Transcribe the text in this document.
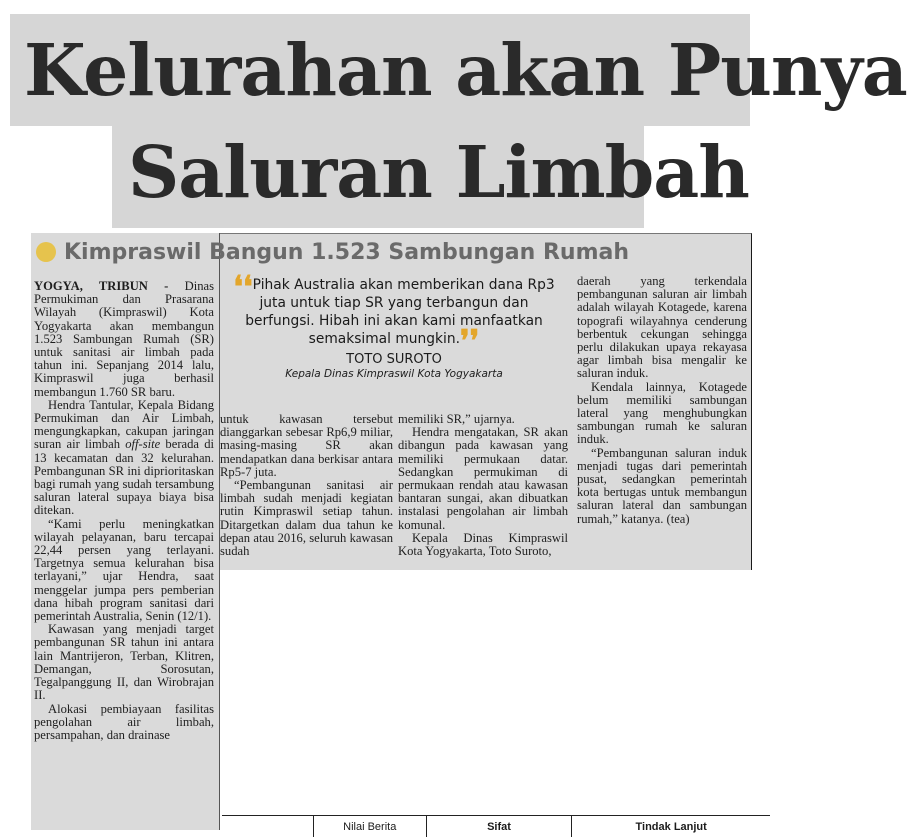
Kelurahan akan Punya
Saluran Limbah
Kimpraswil Bangun 1.523 Sambungan Rumah

YOGYA, TRIBUN - Dinas Permukiman dan Prasarana Wilayah (Kimpraswil) Kota Yogyakarta akan membangun 1.523 Sambungan Rumah (SR) untuk sanitasi air limbah pada tahun ini. Sepanjang 2014 lalu, Kimpraswil juga berhasil membangun 1.760 SR baru.

Hendra Tantular, Kepala Bidang Permukiman dan Air Limbah, mengungkapkan, cakupan jaringan suran air limbah off-site berada di 13 kecamatan dan 32 kelurahan. Pembangunan SR ini diprioritaskan bagi rumah yang sudah tersambung saluran lateral supaya biaya bisa ditekan.

“Kami perlu meningkatkan wilayah pelayanan, baru tercapai 22,44 persen yang terlayani. Targetnya semua kelurahan bisa terlayani,” ujar Hendra, saat menggelar jumpa pers pemberian dana hibah program sanitasi dari pemerintah Australia, Senin (12/1).

Kawasan yang menjadi target pembangunan SR tahun ini antara lain Mantrijeron, Terban, Klitren, Demangan, Sorosutan, Tegalpanggung II, dan Wirobrajan II.

Alokasi pembiayaan fasilitas pengolahan air limbah, persampahan, dan drainase

❛❛Pihak Australia akan memberikan dana Rp3 juta untuk tiap SR yang terbangun dan berfungsi. Hibah ini akan kami manfaatkan semaksimal mungkin.❜❜

TOTO SUROTO
Kepala Dinas Kimpraswil Kota Yogyakarta

untuk kawasan tersebut dianggarkan sebesar Rp6,9 miliar, masing-masing SR akan mendapatkan dana berkisar antara Rp5-7 juta.

“Pembangunan sanitasi air limbah sudah menjadi kegiatan rutin Kimpraswil setiap tahun. Ditargetkan dalam dua tahun ke depan atau 2016, seluruh kawasan sudah

memiliki SR,” ujarnya.

Hendra mengatakan, SR akan dibangun pada kawasan yang memiliki permukaan datar. Sedangkan permukiman di permukaan rendah atau kawasan bantaran sungai, akan dibuatkan instalasi pengolahan air limbah komunal.

Kepala Dinas Kimpraswil Kota Yogyakarta, Toto Suroto,

daerah yang terkendala pembangunan saluran air limbah adalah wilayah Kotagede, karena topografi wilayahnya cenderung berbentuk cekungan sehingga perlu dilakukan upaya rekayasa agar limbah bisa mengalir ke saluran induk.

Kendala lainnya, Kotagede belum memiliki sambungan lateral yang menghubungkan sambungan rumah ke saluran induk.

“Pembangunan saluran induk menjadi tugas dari pemerintah pusat, sedangkan pemerintah kota bertugas untuk membangun saluran lateral dan sambungan rumah,” katanya. (tea)

Nilai Berita	Sifat	Tindak Lanjut
